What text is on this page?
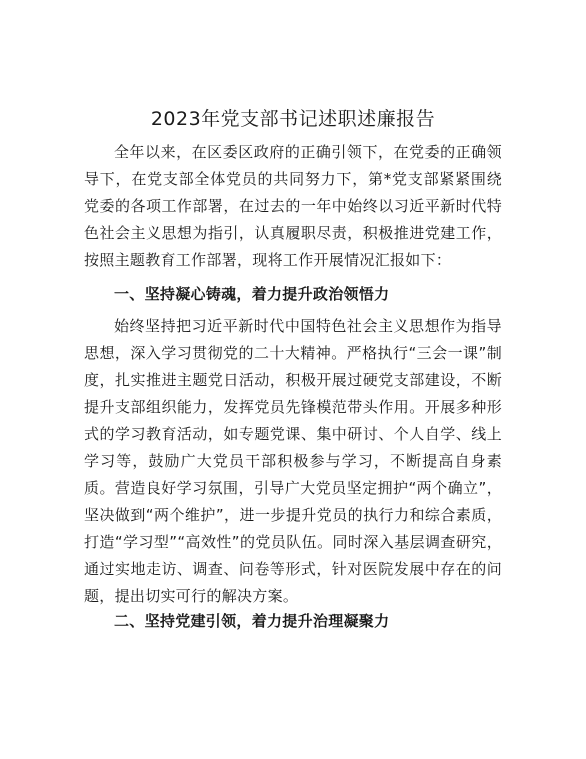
2023年党支部书记述职述廉报告

全年以来，在区委区政府的正确引领下，在党委的正确领导下，在党支部全体党员的共同努力下，第*党支部紧紧围绕党委的各项工作部署，在过去的一年中始终以习近平新时代特色社会主义思想为指引，认真履职尽责，积极推进党建工作，按照主题教育工作部署，现将工作开展情况汇报如下：

一、坚持凝心铸魂，着力提升政治领悟力

始终坚持把习近平新时代中国特色社会主义思想作为指导思想，深入学习贯彻党的二十大精神。严格执行“三会一课”制度，扎实推进主题党日活动，积极开展过硬党支部建设，不断提升支部组织能力，发挥党员先锋模范带头作用。开展多种形式的学习教育活动，如专题党课、集中研讨、个人自学、线上学习等，鼓励广大党员干部积极参与学习，不断提高自身素质。营造良好学习氛围，引导广大党员坚定拥护“两个确立”，坚决做到“两个维护”，进一步提升党员的执行力和综合素质，打造“学习型”“高效性”的党员队伍。同时深入基层调查研究，通过实地走访、调查、问卷等形式，针对医院发展中存在的问题，提出切实可行的解决方案。

二、坚持党建引领，着力提升治理凝聚力
